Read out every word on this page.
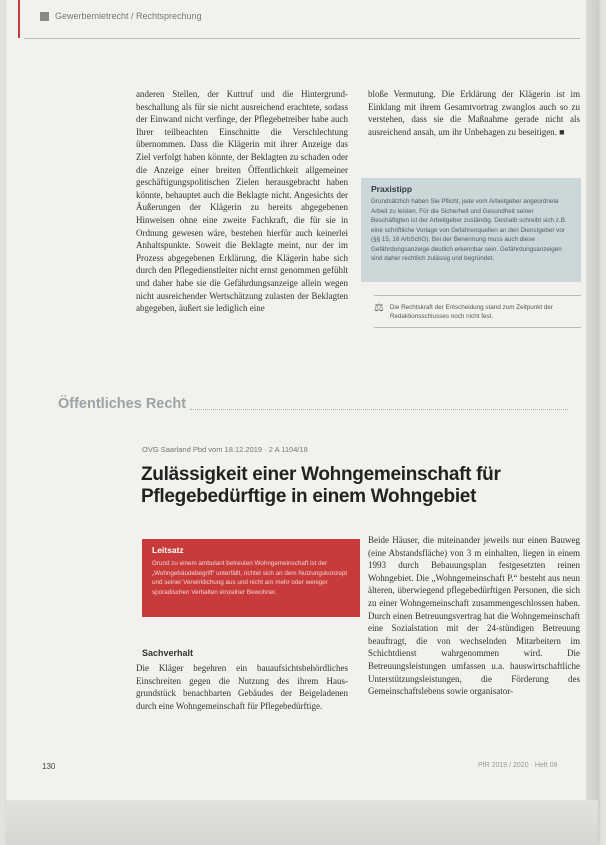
Gewerbemietrecht / Rechtsprechung

anderen Stellen, der Kuttruf und die Hintergrundbeschallung als für sie nicht ausreichend erachtete, sodass der Einwand nicht verfinge, der Pflegebetreiber habe auch Ihrer teilbeachten Einschnitte die Verschlechtung übernommen. Dass die Klägerin mit ihrer Anzeige das Ziel verfolgt haben könnte, der Beklagten zu schaden oder die Anzeige einer breiten Öffentlichkeit allgemeiner geschäftigungspolitischen Zielen herausgebracht haben könnte, behauptet auch die Beklagte nicht. Angesichts der Äußerungen der Klägerin zu bereits abgegebenen Hinweisen ohne eine zweite Fachkraft, die für sie in Ordnung gewesen wäre, bestehen hierfür auch keinerlei Anhaltspunkte. Soweit die Beklagte meint, nur der im Prozess abgegebenen Erklärung, die Klägerin habe sich durch den Pflegedienstleiter nicht ernst genommen gefühlt und daher habe sie die Gefährdungsanzeige allein wegen nicht ausreichender Wertschätzung zulasten der Beklagten abgegeben, äußert sie lediglich eine

bloße Vermutung. Die Erklärung der Klägerin ist im Einklang mit ihrem Gesamtvortrag zwanglos auch so zu verstehen, dass sie die Maßnahme gerade nicht als ausreichend ansah, um ihr Unbehagen zu beseitigen. ■

Praxistipp
Grundsätzlich haben Sie Pflicht, jede vom Arbeitgeber angeordnete Arbeit zu leisten. Für die Sicherheit und Gesundheit seiner Beschäftigten ist der Arbeitgeber zuständig. Deshalb schreibt sich z.B. eine schriftliche Vorlage von Gefahrenquellen an den Dienstgeber vor (§§ 15, 16 ArbSchG). Bei der Benennung muss auch diese Gefährdungsanzeige deutlich erkennbar sein. Gefährdungsanzeigen sind daher rechtlich zulässig und begründet.
⚖ Die Rechtskraft der Entscheidung stand zum Zeitpunkt der Redaktionsschlusses noch nicht fest.
Öffentliches Recht
OVG Saarland Pbd vom 18.12.2019 · 2 A 1104/18
Zulässigkeit einer Wohngemeinschaft für Pflegebedürftige in einem Wohngebiet
Leitsatz
Grund zu einem ambulant betreuten Wohngemeinschaft ist der „Wohngebäudebegriff“ unterfällt, richtet sich an dem Nutzungskonzept und seiner Verwirklichung aus und nicht am mehr oder weniger sporadischen Verhalten einzelner Bewohner.
Sachverhalt

Die Kläger begehren ein bauaufsichtsbehördliches Einschreiten gegen die Nutzung des ihrem Hausgrundstück benachbarten Gebäudes der Beigeladenen durch eine Wohngemeinschaft für Pflegebedürftige.

Beide Häuser, die miteinander jeweils nur einen Bauweg (eine Abstandsfläche) von 3 m einhalten, liegen in einem 1993 durch Bebauungsplan festgesetzten reinen Wohngebiet. Die „Wohngemeinschaft P.“ besteht aus neun älteren, überwiegend pflegebedürftigen Personen, die sich zu einer Wohngemeinschaft zusammengeschlossen haben. Durch einen Betreuungsvertrag hat die Wohngemeinschaft eine Sozialstation mit der 24-stündigen Betreuung beauftragt, die von wechselnden Mitarbeitern im Schichtdienst wahrgenommen wird. Die Betreuungsleistungen umfassen u.a. hauswirtschaftliche Unterstützungsleistungen, die Förderung des Gemeinschaftslebens sowie organisator-

130	PfR 2019 / 2020 · Heft 08
